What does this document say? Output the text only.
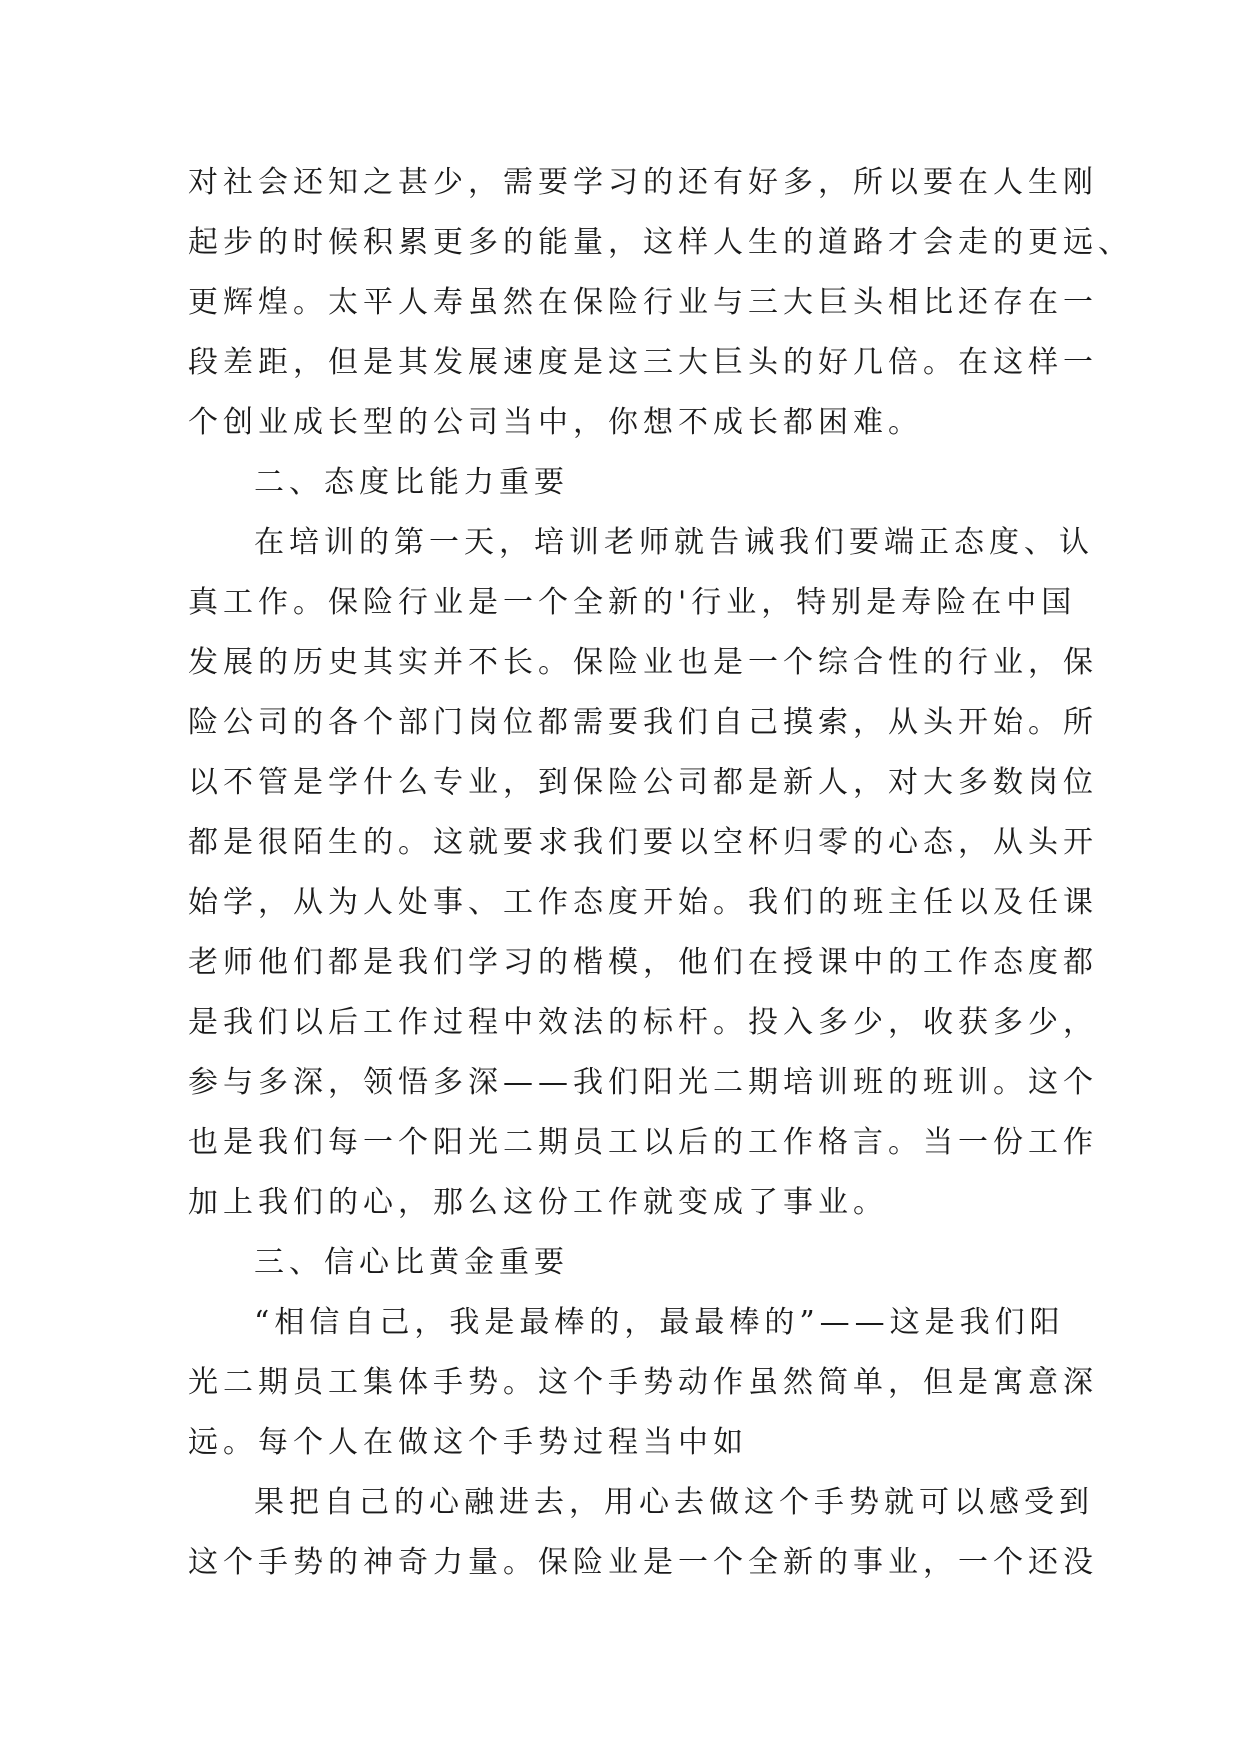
对社会还知之甚少，需要学习的还有好多，所以要在人生刚
起步的时候积累更多的能量，这样人生的道路才会走的更远、
更辉煌。太平人寿虽然在保险行业与三大巨头相比还存在一
段差距，但是其发展速度是这三大巨头的好几倍。在这样一
个创业成长型的公司当中，你想不成长都困难。
二、态度比能力重要
在培训的第一天，培训老师就告诫我们要端正态度、认
真工作。保险行业是一个全新的'行业，特别是寿险在中国
发展的历史其实并不长。保险业也是一个综合性的行业，保
险公司的各个部门岗位都需要我们自己摸索，从头开始。所
以不管是学什么专业，到保险公司都是新人，对大多数岗位
都是很陌生的。这就要求我们要以空杯归零的心态，从头开
始学，从为人处事、工作态度开始。我们的班主任以及任课
老师他们都是我们学习的楷模，他们在授课中的工作态度都
是我们以后工作过程中效法的标杆。投入多少，收获多少，
参与多深，领悟多深——我们阳光二期培训班的班训。这个
也是我们每一个阳光二期员工以后的工作格言。当一份工作
加上我们的心，那么这份工作就变成了事业。
三、信心比黄金重要
“相信自己，我是最棒的，最最棒的”——这是我们阳
光二期员工集体手势。这个手势动作虽然简单，但是寓意深
远。每个人在做这个手势过程当中如
果把自己的心融进去，用心去做这个手势就可以感受到
这个手势的神奇力量。保险业是一个全新的事业，一个还没
